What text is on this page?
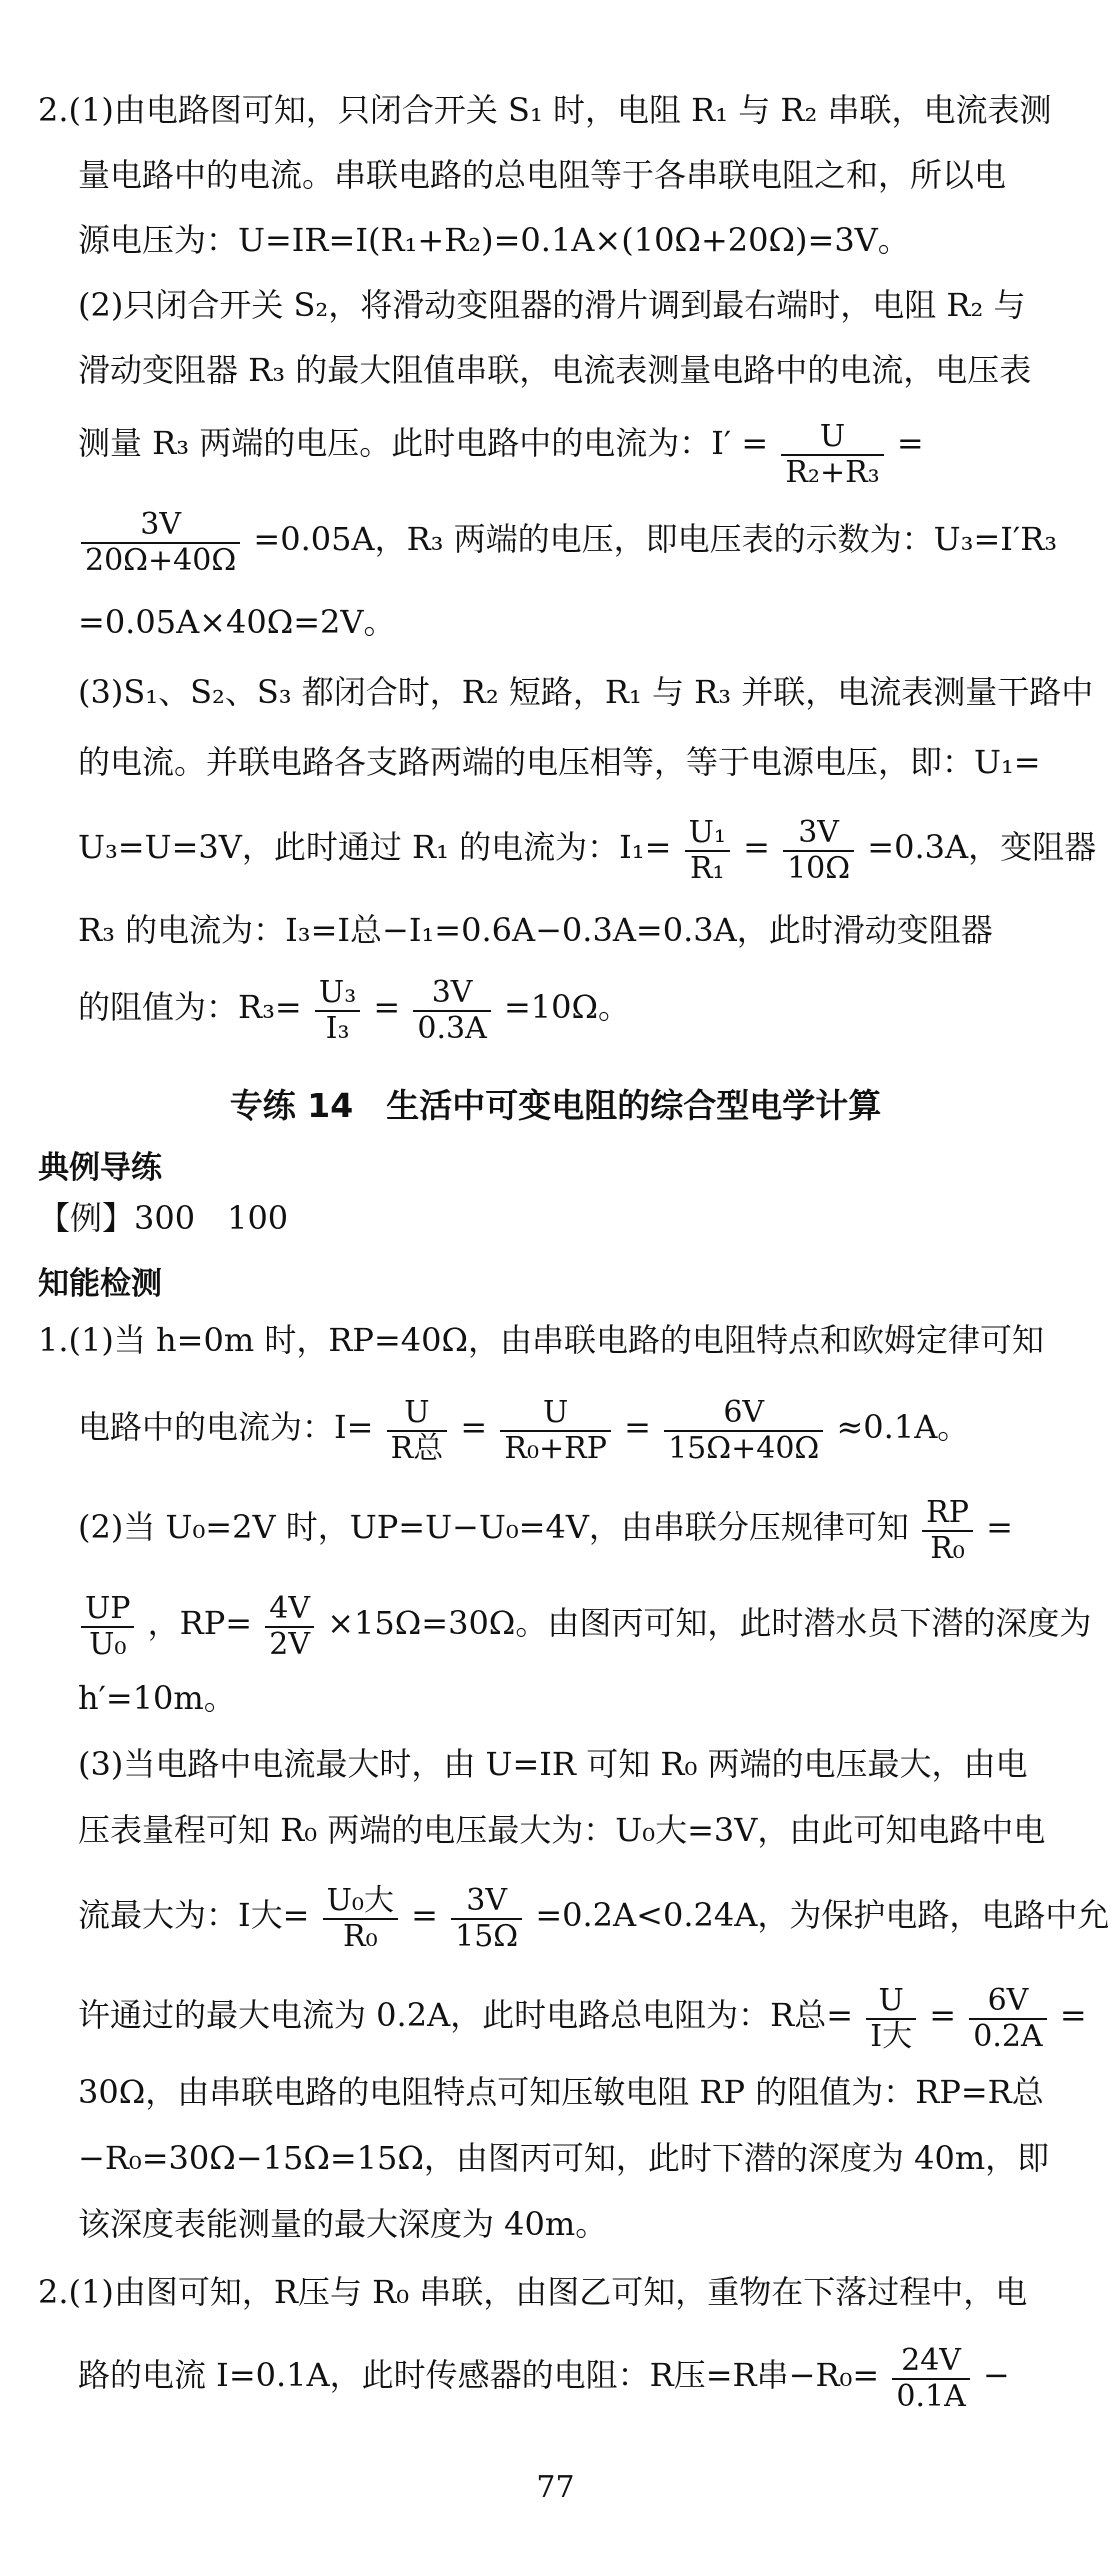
2.(1)由电路图可知，只闭合开关 S₁ 时，电阻 R₁ 与 R₂ 串联，电流表测
量电路中的电流。串联电路的总电阻等于各串联电阻之和，所以电
源电压为：U=IR=I(R₁+R₂)=0.1A×(10Ω+20Ω)=3V。
(2)只闭合开关 S₂，将滑动变阻器的滑片调到最右端时，电阻 R₂ 与
滑动变阻器 R₃ 的最大阻值串联，电流表测量电路中的电流，电压表
测量 R₃ 两端的电压。此时电路中的电流为：$I' = \frac{U}{\text{R₂+R₃}}$ =
$\frac{3V}{20\Omega+40\Omega} =0.05A$，R₃ 两端的电压，即电压表的示数为：U₃=I′R₃
=0.05A×40Ω=2V。
(3)S₁、S₂、S₃ 都闭合时，R₂ 短路，R₁ 与 R₃ 并联，电流表测量干路中
的电流。并联电路各支路两端的电压相等，等于电源电压，即：U₁=
U₃=U=3V，此时通过 R₁ 的电流为：$I_1= \frac{\text{U₁}}{\text{R₁}} = \frac{3V}{10\Omega} =0.3A$，变阻器
R₃ 的电流为：I₃=I总−I₁=0.6A−0.3A=0.3A，此时滑动变阻器
的阻值为：$R_3= \frac{\text{U₃}}{\text{I₃}} = \frac{3V}{0.3A} =10\Omega$。
专练 14　生活中可变电阻的综合型电学计算
典例导练
【例】300　100
知能检测
1.(1)当 h=0m 时，RP=40Ω，由串联电路的电阻特点和欧姆定律可知
电路中的电流为：$I= \frac{U}{\text{R总}} = \frac{U}{\text{R₀+RP}} = \frac{6V}{15\Omega+40\Omega} \approx 0.1A$。
(2)当 U₀=2V 时，UP=U−U₀=4V，由串联分压规律可知 $\frac{RP}{\text{R₀}}$ =
$\frac{UP}{\text{U₀}}$ ，$RP= \frac{4V}{2V} \times 15\Omega=30\Omega$。由图丙可知，此时潜水员下潜的深度为
h′=10m。
(3)当电路中电流最大时，由 U=IR 可知 R₀ 两端的电压最大，由电
压表量程可知 R₀ 两端的电压最大为：U₀大=3V，由此可知电路中电
流最大为：I大= $\frac{\text{U₀大}}{\text{R₀}} = \frac{3V}{15\Omega} =0.2A<0.24A$，为保护电路，电路中允
许通过的最大电流为 0.2A，此时电路总电阻为：R总= $\frac{U}{\text{I大}} = \frac{6V}{0.2A}$ =
30Ω，由串联电路的电阻特点可知压敏电阻 RP 的阻值为：RP=R总
−R₀=30Ω−15Ω=15Ω，由图丙可知，此时下潜的深度为 40m，即
该深度表能测量的最大深度为 40m。
2.(1)由图可知，R压与 R₀ 串联，由图乙可知，重物在下落过程中，电
路的电流 I=0.1A，此时传感器的电阻：R压=R串$-R_0= \frac{24V}{0.1A}$ −
77
